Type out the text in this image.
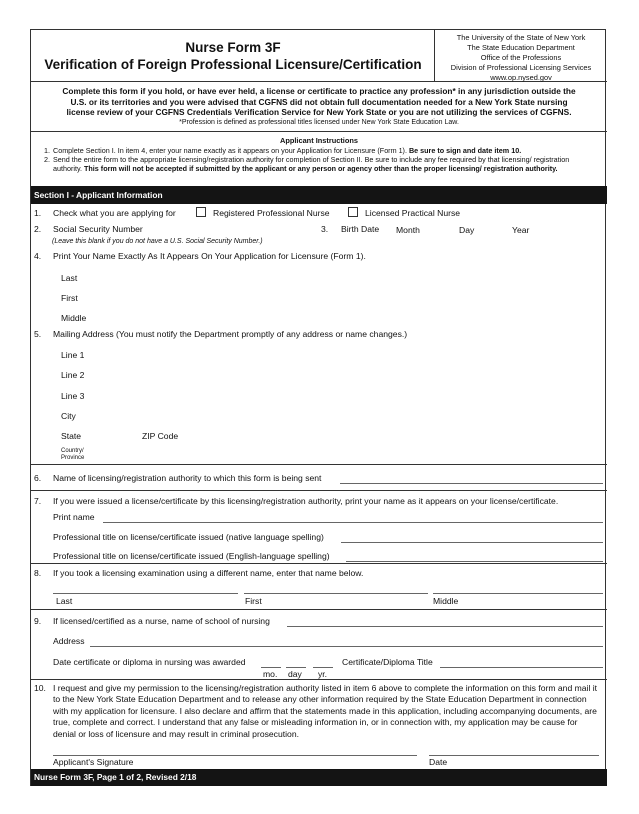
Nurse Form 3F
Verification of Foreign Professional Licensure/Certification
The University of the State of New York
The State Education Department
Office of the Professions
Division of Professional Licensing Services
www.op.nysed.gov
Complete this form if you hold, or have ever held, a license or certificate to practice any profession* in any jurisdiction outside the
U.S. or its territories and you were advised that CGFNS did not obtain full documentation needed for a New York State nursing
license review of your CGFNS Credentials Verification Service for New York State or you are not utilizing the services of CGFNS.
*Profession is defined as professional titles licensed under New York State Education Law.
Applicant Instructions
1. Complete Section I. In item 4, enter your name exactly as it appears on your Application for Licensure (Form 1). Be sure to sign and date item 10.
2. Send the entire form to the appropriate licensing/registration authority for completion of Section II. Be sure to include any fee required by that licensing/ registration authority. This form will not be accepted if submitted by the applicant or any person or agency other than the proper licensing/ registration authority.
Section I - Applicant Information
1. Check what you are applying for	Registered Professional Nurse	Licensed Practical Nurse
2. Social Security Number	3. Birth Date Month	Day	Year
(Leave this blank if you do not have a U.S. Social Security Number.)
4. Print Your Name Exactly As It Appears On Your Application for Licensure (Form 1).
Last
First
Middle
5. Mailing Address (You must notify the Department promptly of any address or name changes.)
Line 1
Line 2
Line 3
City
State	ZIP Code
Country/
Province
6. Name of licensing/registration authority to which this form is being sent
7. If you were issued a license/certificate by this licensing/registration authority, print your name as it appears on your license/certificate.
Print name
Professional title on license/certificate issued (native language spelling)
Professional title on license/certificate issued (English-language spelling)
8. If you took a licensing examination using a different name, enter that name below.
Last	First	Middle
9. If licensed/certified as a nurse, name of school of nursing
Address
Date certificate or diploma in nursing was awarded
mo. day yr.
Certificate/Diploma Title
10. I request and give my permission to the licensing/registration authority listed in item 6 above to complete the information on this form and mail it to the New York State Education Department and to release any other information required by the State Education Department in connection with my application for licensure. I also declare and affirm that the statements made in this application, including accompanying documents, are true, complete and correct. I understand that any false or misleading information in, or in connection with, my application may be cause for denial or loss of licensure and may result in criminal prosecution.
Applicant's Signature	Date
Nurse Form 3F, Page 1 of 2, Revised 2/18
